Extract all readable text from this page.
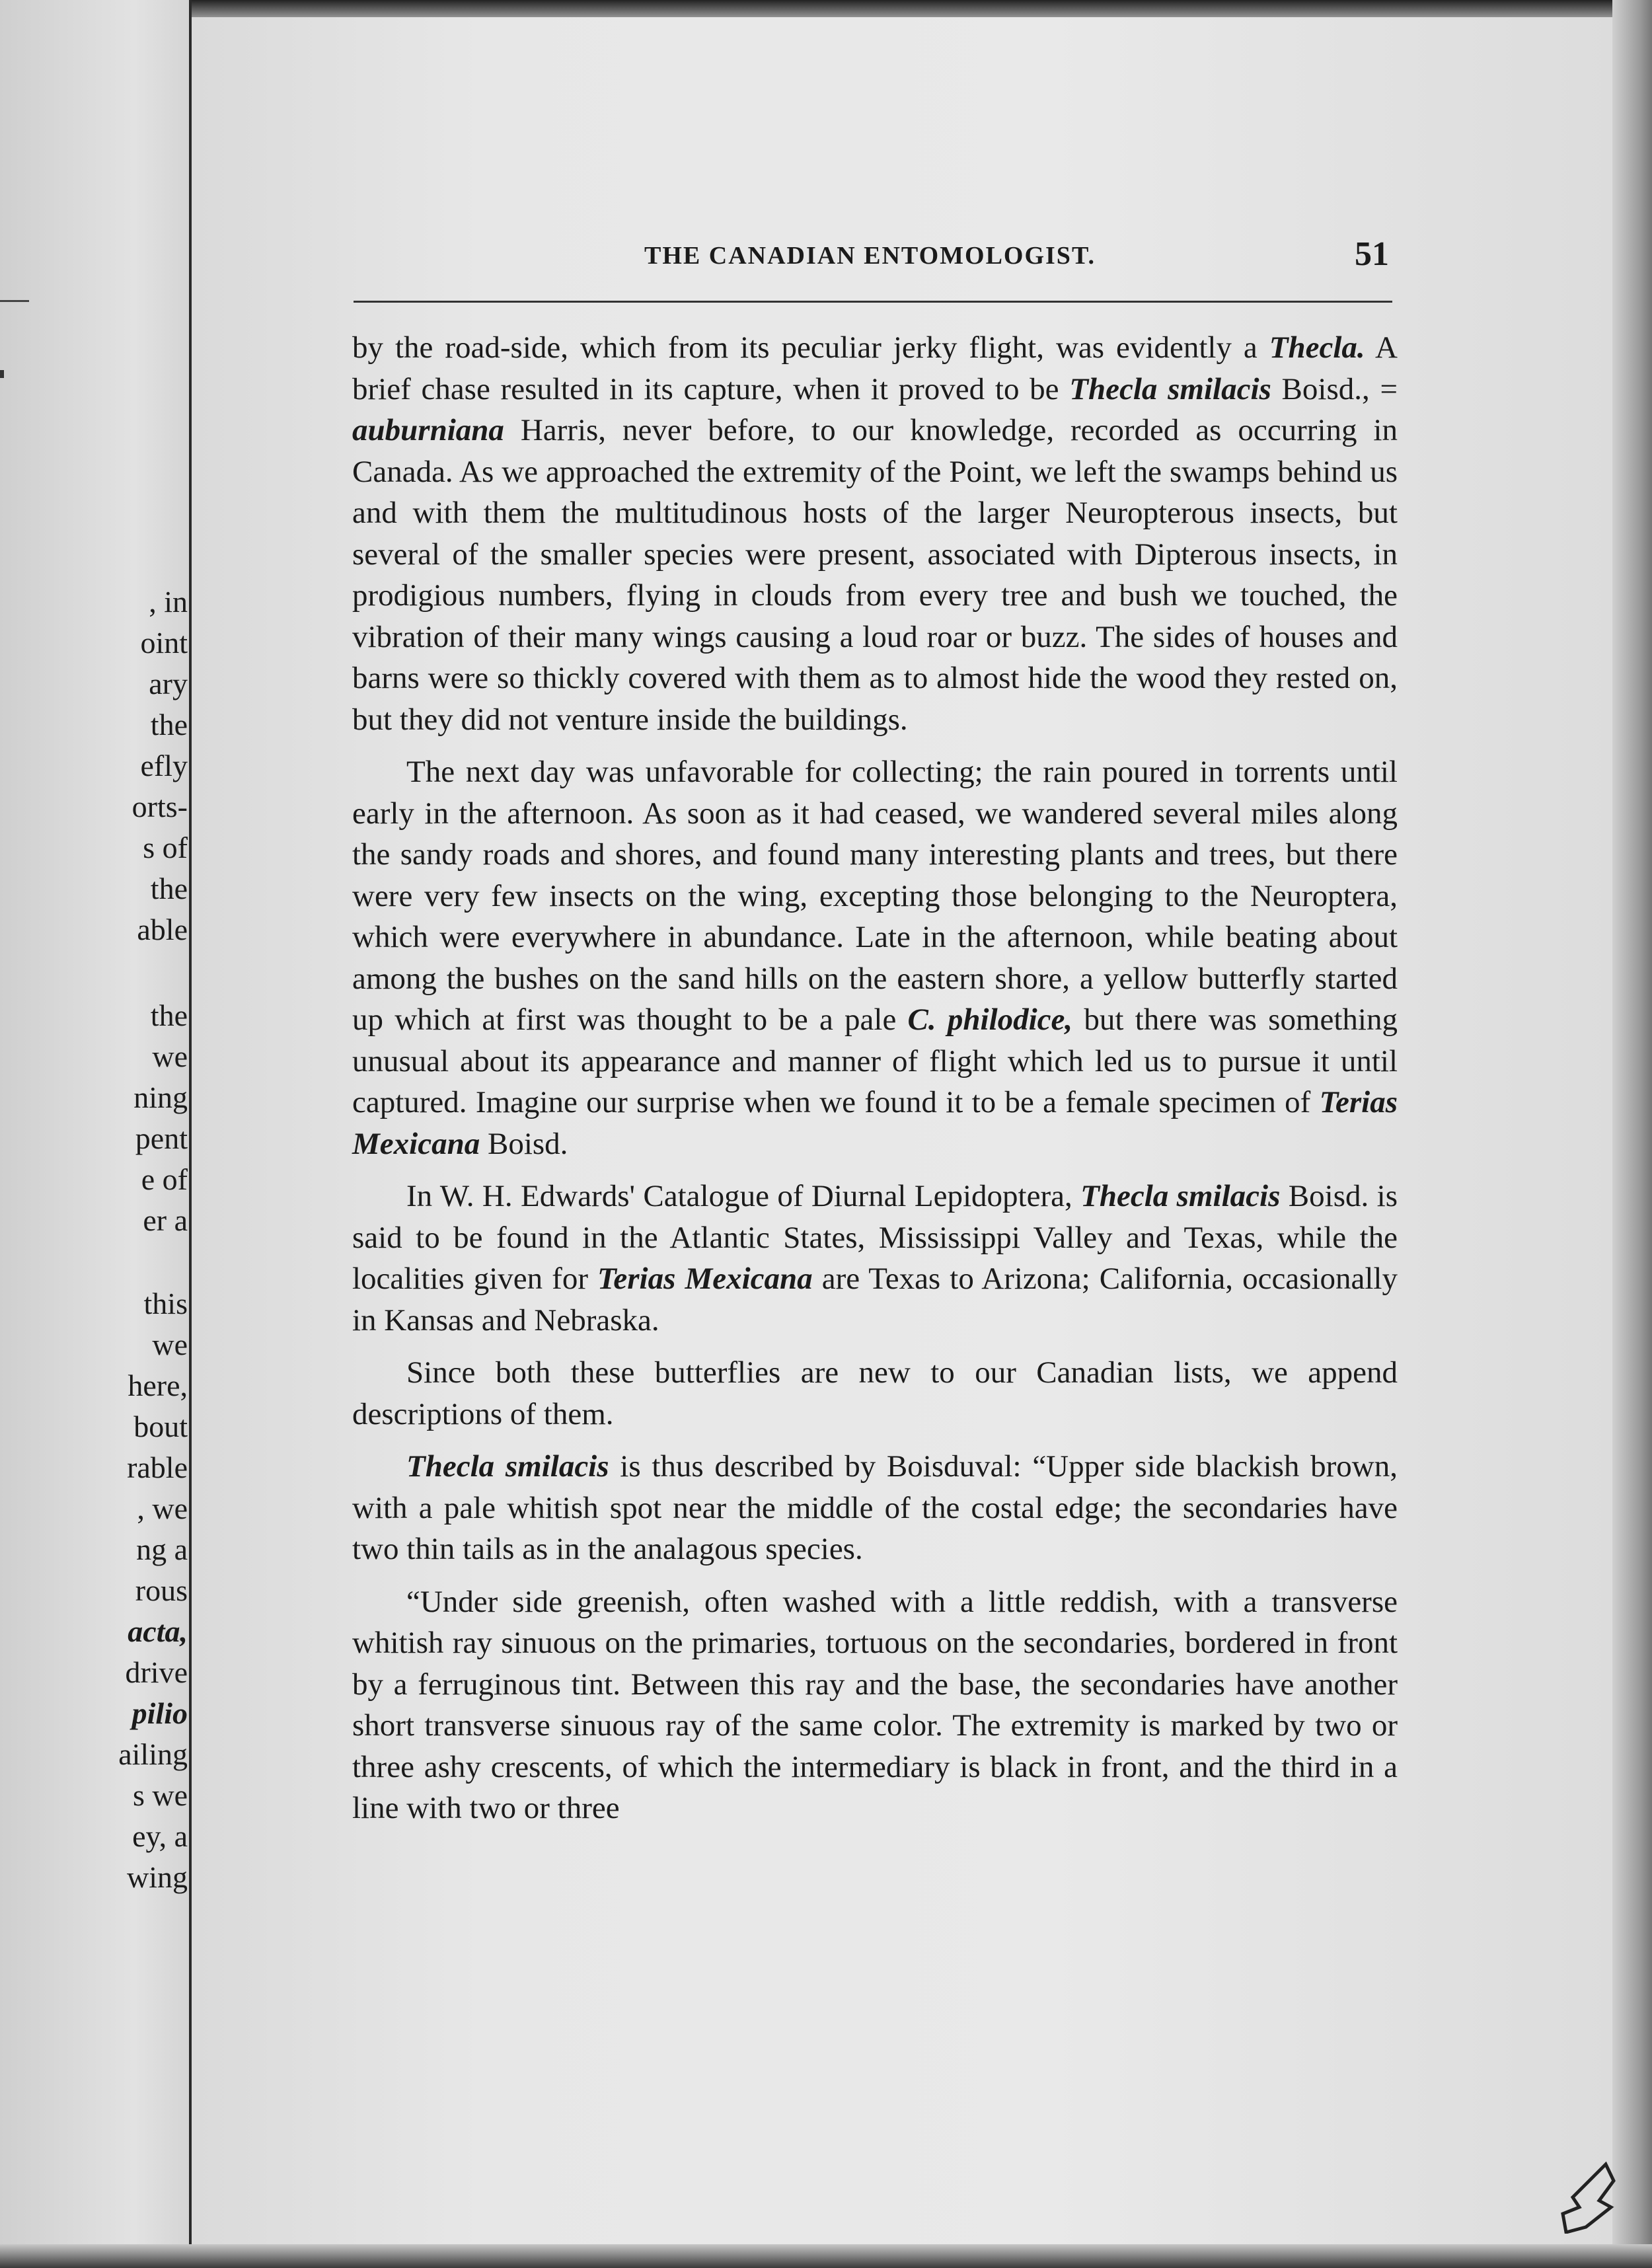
, in
oint
ary
the
efly
orts-
s of
the
able
the
we
ning
pent
e of
er a
this
we
here,
bout
rable
, we
ng a
rous
acta,
drive
pilio
ailing
s we
ey, a
wing
THE CANADIAN ENTOMOLOGIST.	51

by the road-side, which from its peculiar jerky flight, was evidently a Thecla. A brief chase resulted in its capture, when it proved to be Thecla smilacis Boisd., = auburniana Harris, never before, to our knowledge, recorded as occurring in Canada. As we approached the extremity of the Point, we left the swamps behind us and with them the multitudinous hosts of the larger Neuropterous insects, but several of the smaller species were present, associated with Dipterous insects, in prodigious numbers, flying in clouds from every tree and bush we touched, the vibration of their many wings causing a loud roar or buzz. The sides of houses and barns were so thickly covered with them as to almost hide the wood they rested on, but they did not venture inside the buildings.

The next day was unfavorable for collecting; the rain poured in torrents until early in the afternoon. As soon as it had ceased, we wandered several miles along the sandy roads and shores, and found many interesting plants and trees, but there were very few insects on the wing, excepting those belonging to the Neuroptera, which were everywhere in abundance. Late in the afternoon, while beating about among the bushes on the sand hills on the eastern shore, a yellow butterfly started up which at first was thought to be a pale C. philodice, but there was something unusual about its appearance and manner of flight which led us to pursue it until captured. Imagine our surprise when we found it to be a female specimen of Terias Mexicana Boisd.

In W. H. Edwards' Catalogue of Diurnal Lepidoptera, Thecla smilacis Boisd. is said to be found in the Atlantic States, Mississippi Valley and Texas, while the localities given for Terias Mexicana are Texas to Arizona; California, occasionally in Kansas and Nebraska.

Since both these butterflies are new to our Canadian lists, we append descriptions of them.

Thecla smilacis is thus described by Boisduval: “Upper side blackish brown, with a pale whitish spot near the middle of the costal edge; the secondaries have two thin tails as in the analagous species.

“Under side greenish, often washed with a little reddish, with a transverse whitish ray sinuous on the primaries, tortuous on the secondaries, bordered in front by a ferruginous tint. Between this ray and the base, the secondaries have another short transverse sinuous ray of the same color. The extremity is marked by two or three ashy crescents, of which the intermediary is black in front, and the third in a line with two or three
